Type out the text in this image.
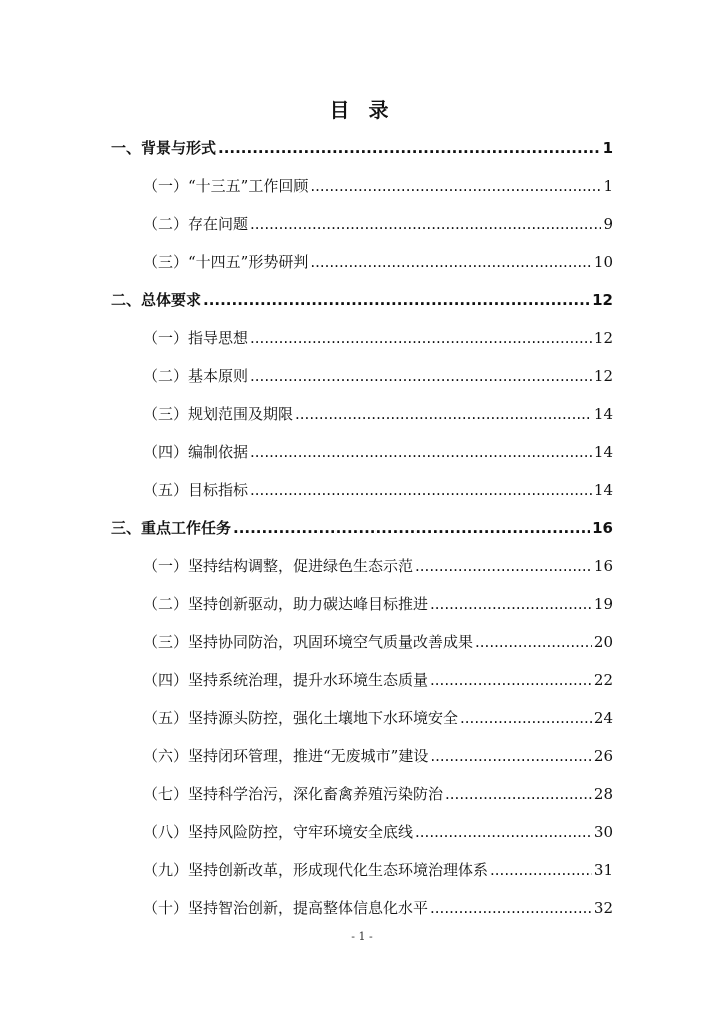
目 录
一、背景与形式 .....	1
（一）“十三五”工作回顾 .....	1
（二）存在问题 .....	9
（三）“十四五”形势研判 .....	10
二、总体要求 .....	12
（一）指导思想 .....	12
（二）基本原则 .....	12
（三）规划范围及期限 .....	14
（四）编制依据 .....	14
（五）目标指标 .....	14
三、重点工作任务 .....	16
（一）坚持结构调整，促进绿色生态示范 .....	16
（二）坚持创新驱动，助力碳达峰目标推进 .....	19
（三）坚持协同防治，巩固环境空气质量改善成果 .....	20
（四）坚持系统治理，提升水环境生态质量 .....	22
（五）坚持源头防控，强化土壤地下水环境安全 .....	24
（六）坚持闭环管理，推进“无废城市”建设 .....	26
（七）坚持科学治污，深化畜禽养殖污染防治 .....	28
（八）坚持风险防控，守牢环境安全底线 .....	30
（九）坚持创新改革，形成现代化生态环境治理体系 .....	31
（十）坚持智治创新，提高整体信息化水平 .....	32
- 1 -
